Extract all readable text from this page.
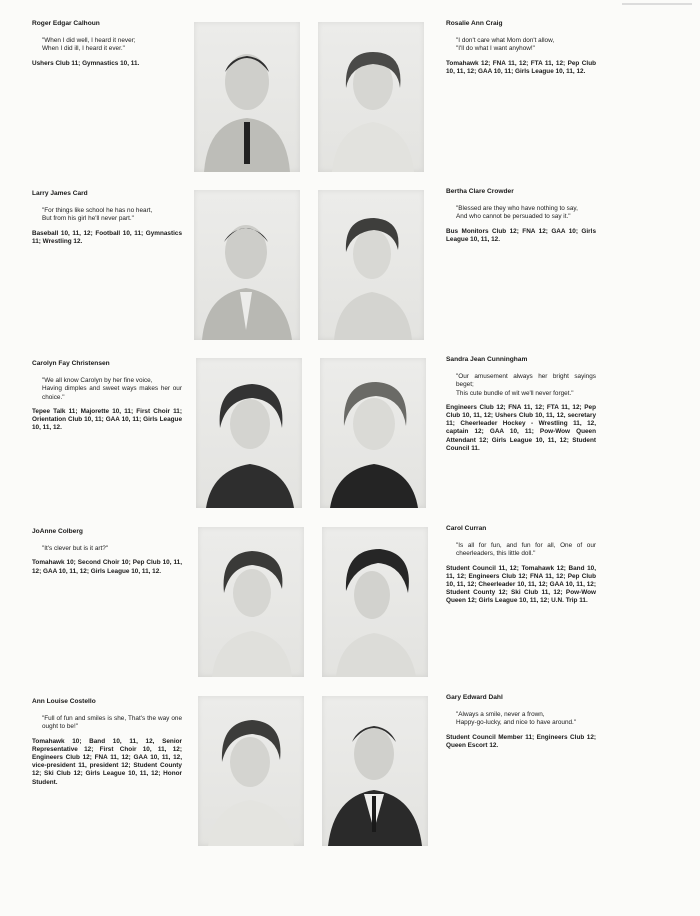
Roger Edgar Calhoun
"When I did well, I heard it never;
When I did ill, I heard it ever."
Ushers Club 11; Gymnastics 10, 11.
Rosalie Ann Craig
"I don't care what Mom don't allow,
"I'll do what I want anyhow!"
Tomahawk 12; FNA 11, 12; FTA 11, 12; Pep Club 10, 11, 12; GAA 10, 11; Girls League 10, 11, 12.
Larry James Card
"For things like school he has no heart,
But from his girl he'll never part."
Baseball 10, 11, 12; Football 10, 11; Gymnastics 11; Wrestling 12.
Bertha Clare Crowder
"Blessed are they who have nothing to say,
And who cannot be persuaded to say it."
Bus Monitors Club 12; FNA 12; GAA 10; Girls League 10, 11, 12.
Carolyn Fay Christensen
"We all know Carolyn by her fine voice,
Having dimples and sweet ways makes her our choice."
Tepee Talk 11; Majorette 10, 11; First Choir 11; Orientation Club 10, 11; GAA 10, 11; Girls League 10, 11, 12.
Sandra Jean Cunningham
"Our amusement always her bright sayings beget;
This cute bundle of wit we'll never forget."
Engineers Club 12; FNA 11, 12; FTA 11, 12; Pep Club 10, 11, 12; Ushers Club 10, 11, 12, secretary 11; Cheerleader Hockey - Wrestling 11, 12, captain 12; GAA 10, 11; Pow-Wow Queen Attendant 12; Girls League 10, 11, 12; Student Council 11.
JoAnne Colberg
"It's clever but is it art?"
Tomahawk 10; Second Choir 10; Pep Club 10, 11, 12; GAA 10, 11, 12; Girls League 10, 11, 12.
Carol Curran
"Is all for fun, and fun for all, One of our cheerleaders, this little doll."
Student Council 11, 12; Tomahawk 12; Band 10, 11, 12; Engineers Club 12; FNA 11, 12; Pep Club 10, 11, 12; Cheerleader 10, 11, 12; GAA 10, 11, 12; Student County 12; Ski Club 11, 12; Pow-Wow Queen 12; Girls League 10, 11, 12; U.N. Trip 11.
Ann Louise Costello
"Full of fun and smiles is she, That's the way one ought to be!"
Tomahawk 10; Band 10, 11, 12, Senior Representative 12; First Choir 10, 11, 12; Engineers Club 12; FNA 11, 12; GAA 10, 11, 12, vice-president 11, president 12; Student County 12; Ski Club 12; Girls League 10, 11, 12; Honor Student.
Gary Edward Dahl
"Always a smile, never a frown,
Happy-go-lucky, and nice to have around."
Student Council Member 11; Engineers Club 12; Queen Escort 12.
